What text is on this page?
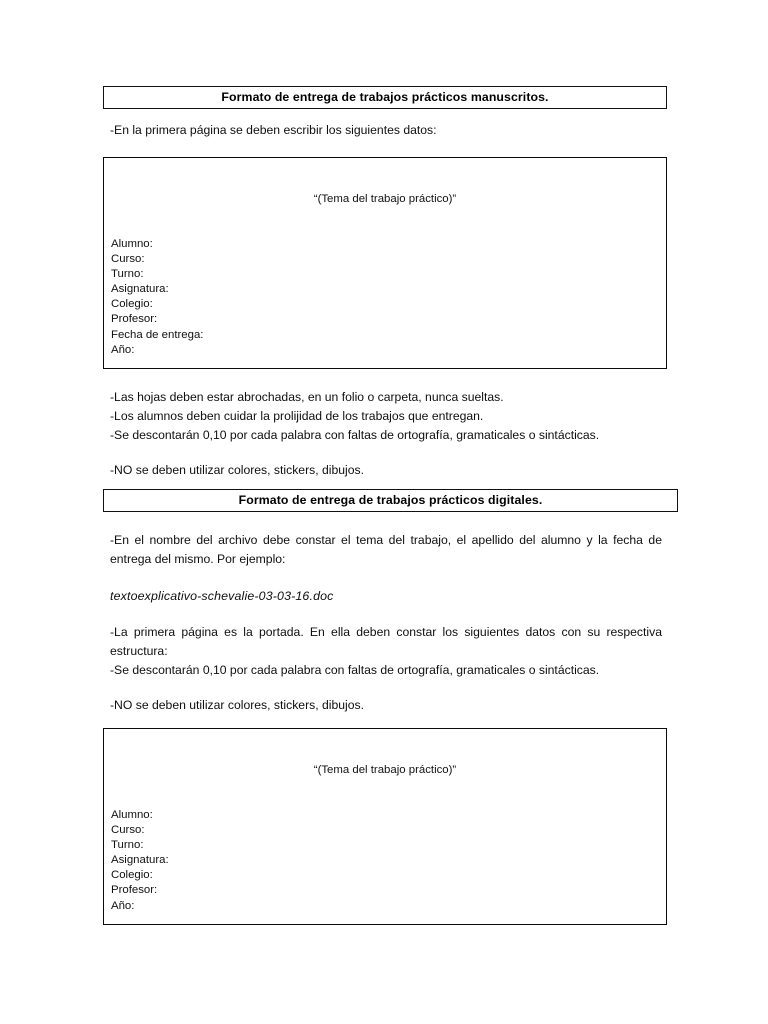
Formato de entrega de trabajos prácticos manuscritos.

-En la primera página se deben escribir los siguientes datos:

“(Tema del trabajo práctico)”
Alumno:
Curso:
Turno:
Asignatura:
Colegio:
Profesor:
Fecha de entrega:
Año:

-Las hojas deben estar abrochadas, en un folio o carpeta, nunca sueltas.

-Los alumnos deben cuidar la prolijidad de los trabajos que entregan.

-Se descontarán 0,10 por cada palabra con faltas de ortografía, gramaticales o sintácticas.

-NO se deben utilizar colores, stickers, dibujos.

Formato de entrega de trabajos prácticos digitales.

-En el nombre del archivo debe constar el tema del trabajo, el apellido del alumno y la fecha de entrega del mismo. Por ejemplo:

textoexplicativo-schevalie-03-03-16.doc

-La primera página es la portada. En ella deben constar los siguientes datos con su respectiva estructura:

-Se descontarán 0,10 por cada palabra con faltas de ortografía, gramaticales o sintácticas.

-NO se deben utilizar colores, stickers, dibujos.

“(Tema del trabajo práctico)”
Alumno:
Curso:
Turno:
Asignatura:
Colegio:
Profesor:
Año:
